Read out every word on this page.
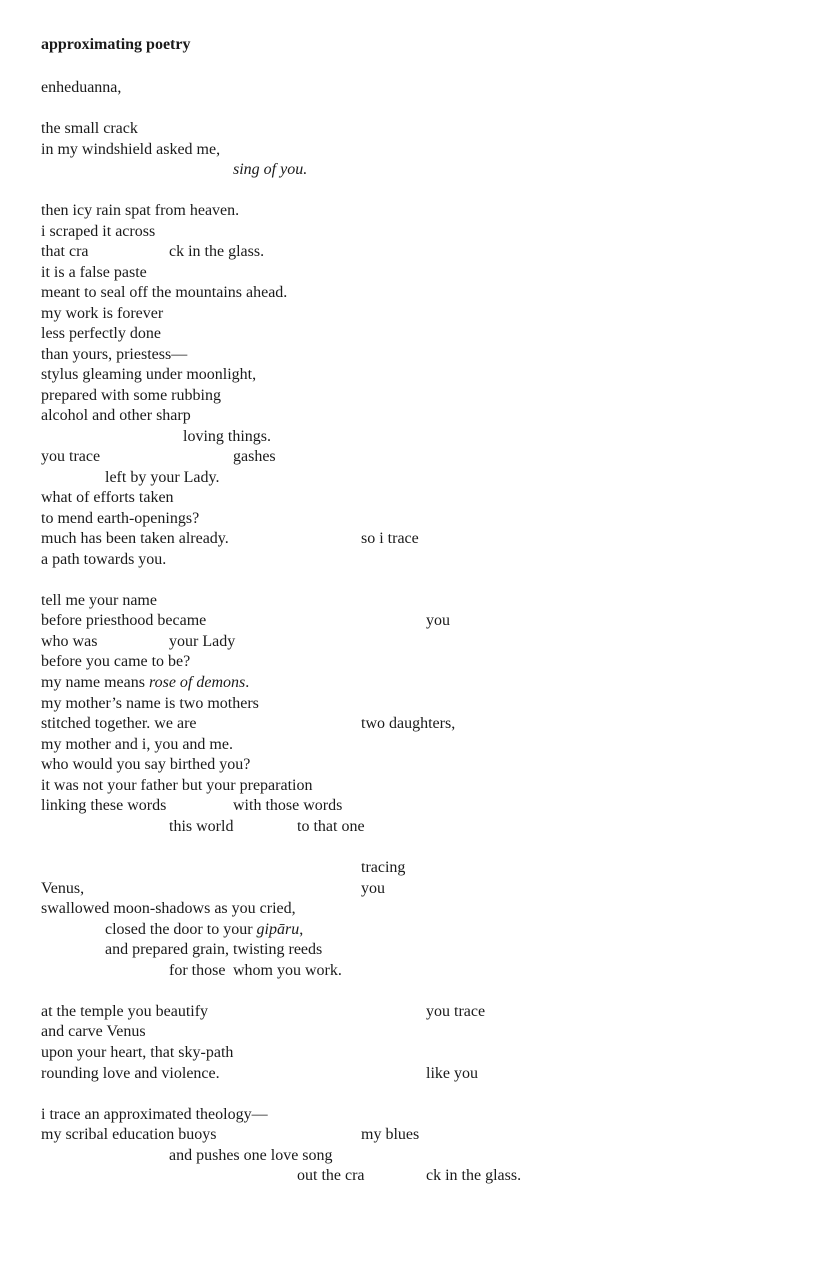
approximating poetry
enheduanna,
the small crack
in my windshield asked me,
sing of you.
then icy rain spat from heaven.
i scraped it across
that cra	ck in the glass.
it is a false paste
meant to seal off the mountains ahead.
my work is forever
less perfectly done
than yours, priestess—
stylus gleaming under moonlight,
prepared with some rubbing
alcohol and other sharp
loving things.
you trace	gashes
left by your Lady.
what of efforts taken
to mend earth-openings?
much has been taken already.	so i trace
a path towards you.
tell me your name
before priesthood became	you
who was	your Lady
before you came to be?
my name means rose of demons.
my mother’s name is two mothers
stitched together. we are	two daughters,
my mother and i, you and me.
who would you say birthed you?
it was not your father but your preparation
linking these words	with those words
this world	to that one
tracing
Venus,	you
swallowed moon-shadows as you cried,
closed the door to your gipāru,
and prepared grain, twisting reeds
for those whom you work.
at the temple you beautify	you trace
and carve Venus
upon your heart, that sky-path
rounding love and violence.	like you
i trace an approximated theology—
my scribal education buoys	my blues
and pushes one love song
out the cra	ck in the glass.
